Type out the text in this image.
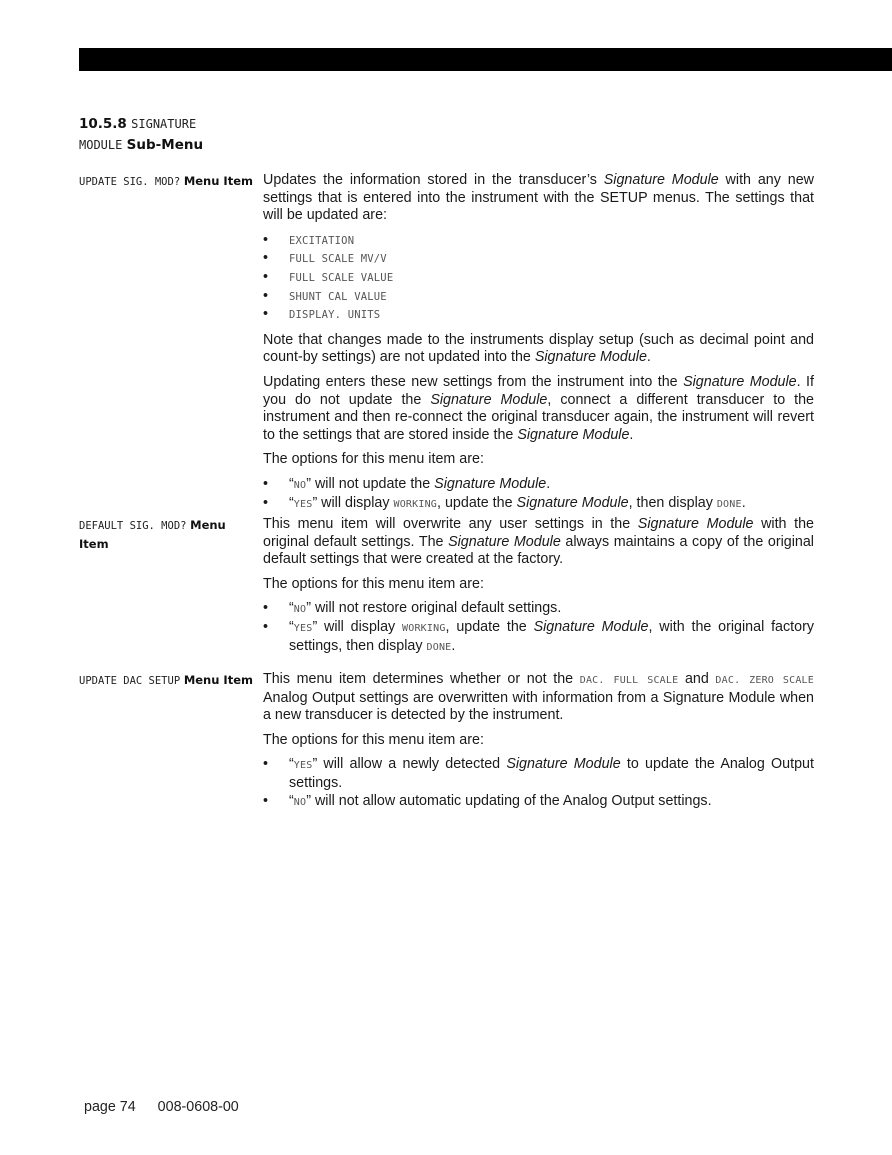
10.5.8 SIGNATURE
MODULE Sub-Menu
UPDATE SIG. MOD? Menu Item Updates the information stored in the transducer’s Signature Module with any new settings that is entered into the instrument with the SETUP menus. The settings that will be updated are:

• EXCITATION
• FULL SCALE MV/V
• FULL SCALE VALUE
• SHUNT CAL VALUE
• DISPLAY. UNITS

Note that changes made to the instruments display setup (such as decimal point and count-by settings) are not updated into the Signature Module.

Updating enters these new settings from the instrument into the Signature Module. If you do not update the Signature Module, connect a different transducer to the instrument and then re-connect the original transducer again, the instrument will revert to the settings that are stored inside the Signature Module.

The options for this menu item are:

• “NO” will not update the Signature Module.
• “YES” will display WORKING, update the Signature Module, then display DONE.
DEFAULT SIG. MOD? Menu Item

This menu item will overwrite any user settings in the Signature Module with the original default settings. The Signature Module always maintains a copy of the original default settings that were created at the factory.

The options for this menu item are:

• “NO” will not restore original default settings.
• “YES” will display WORKING, update the Signature Module, with the original factory settings, then display DONE.
UPDATE DAC SETUP Menu Item This menu item determines whether or not the DAC. FULL SCALE and DAC. ZERO SCALE Analog Output settings are overwritten with information from a Signature Module when a new transducer is detected by the instrument.

The options for this menu item are:

• “YES” will allow a newly detected Signature Module to update the Analog Output settings.
• “NO” will not allow automatic updating of the Analog Output settings.
page 74 008-0608-00
